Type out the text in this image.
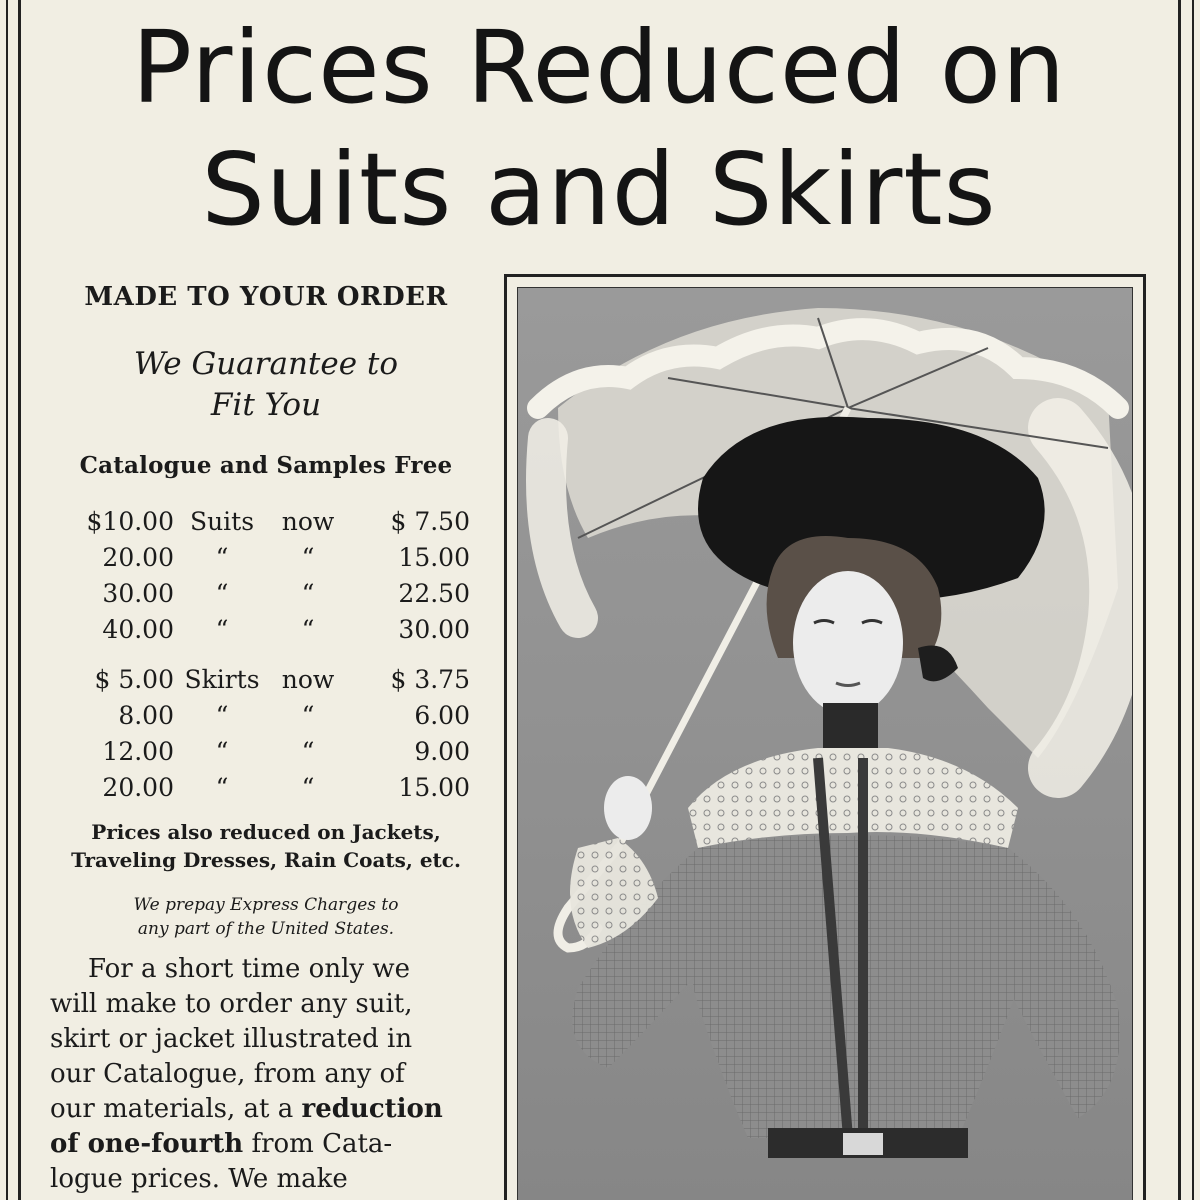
Prices Reduced on
Suits and Skirts
MADE TO YOUR ORDER
We Guarantee to
Fit You
Catalogue and Samples Free
$10.00	Suits	now	$ 7.50
20.00	“	“	15.00
30.00	“	“	22.50
40.00	“	“	30.00
$ 5.00	Skirts	now	$ 3.75
8.00	“	“	6.00
12.00	“	“	9.00
20.00	“	“	15.00
Prices also reduced on Jackets,
Traveling Dresses, Rain Coats, etc.
We prepay Express Charges to
any part of the United States.
For a short time only we
will make to order any suit,
skirt or jacket illustrated in
our Catalogue, from any of
our materials, at a reduction
of one-fourth from Cata-
logue prices. We make
